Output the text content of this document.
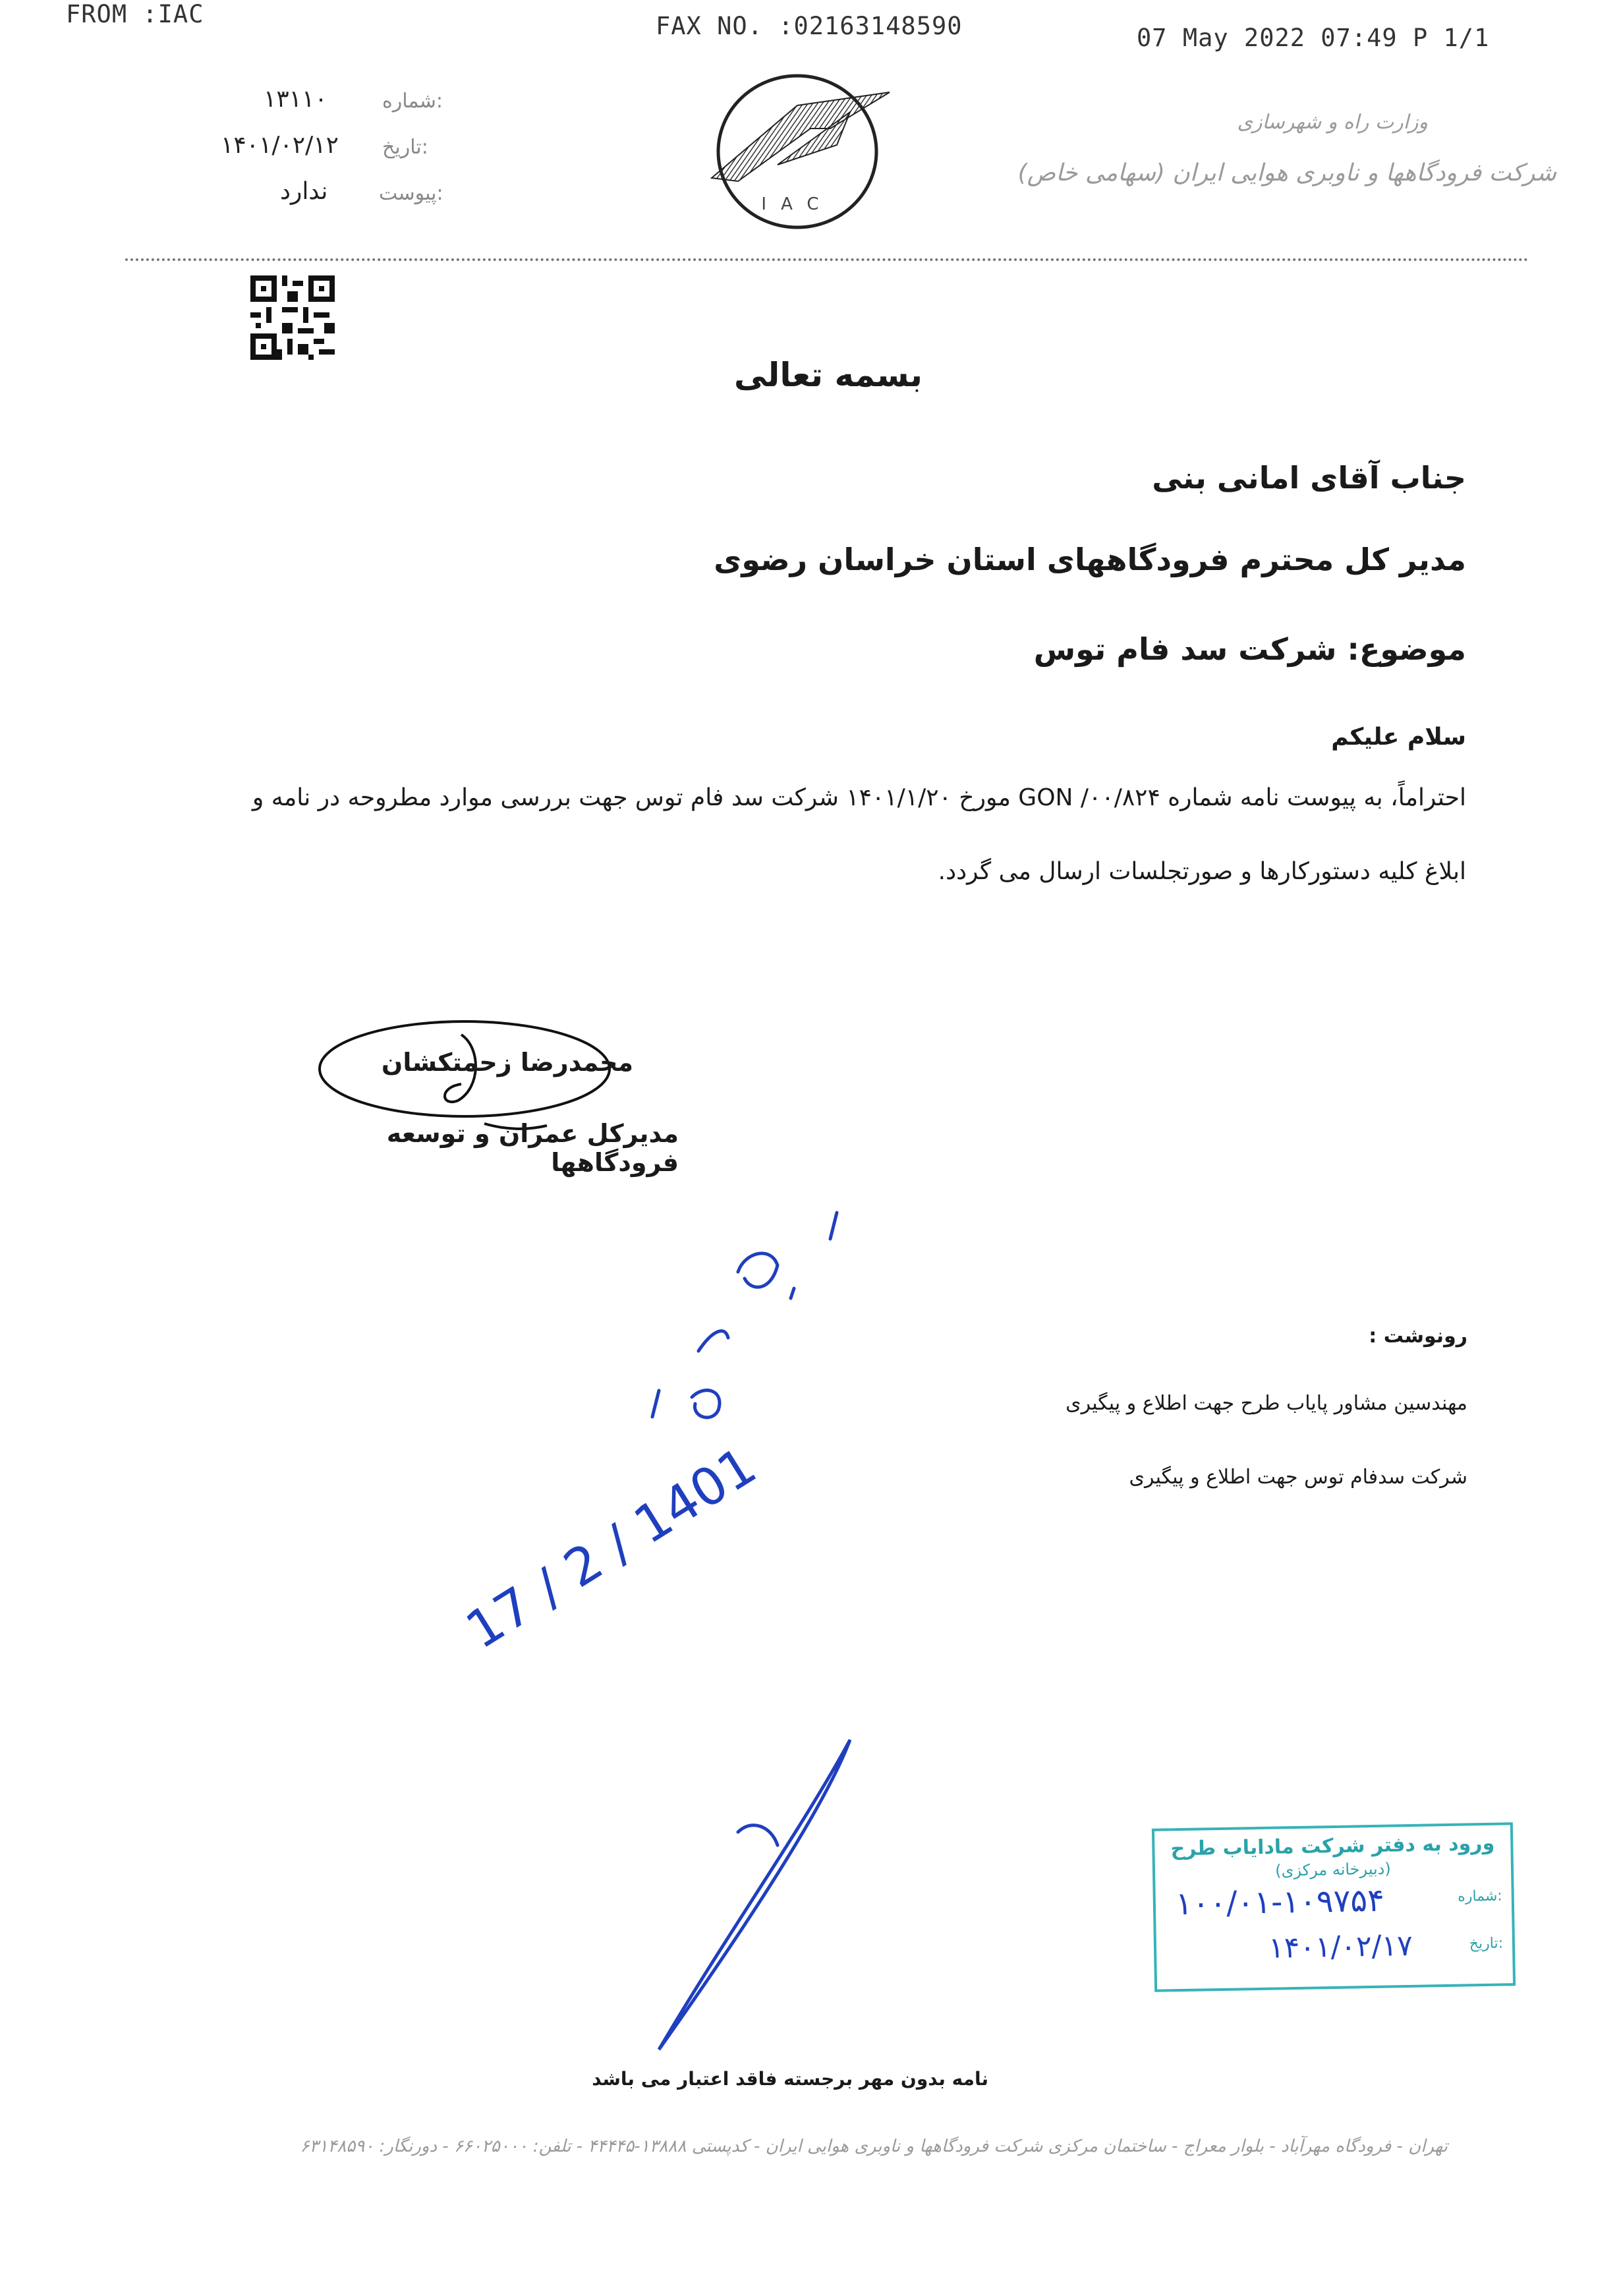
FROM :IAC	FAX NO. :02163148590	07 May 2022 07:49 P 1/1
۱۳۱۱۰	شماره:
۱۴۰۱/۰۲/۱۲ تاریخ:
ندارد	پیوست:	IAC
وزارت راه و شهرسازی
شرکت فرودگاهها و ناوبری هوایی ایران (سهامی خاص)
بسمه تعالی
جناب آقای امانی بنی
مدیر کل محترم فرودگاههای استان خراسان رضوی
موضوع: شرکت سد فام توس
سلام علیکم
احتراماً، به پیوست نامه شماره GON /۰۰/۸۲۴ مورخ ۱۴۰۱/۱/۲۰ شرکت سد فام توس جهت بررسی موارد مطروحه در نامه و
ابلاغ کلیه دستورکارها و صورتجلسات ارسال می گردد.
محمدرضا زحمتکشان
مدیرکل عمران و توسعه فرودگاهها
رونوشت :
مهندسین مشاور پایاب طرح جهت اطلاع و پیگیری
شرکت سدفام توس جهت اطلاع و پیگیری
17 / 2 / 1401
ورود به دفتر شرکت مادایاب طرح
(دبیرخانه مرکزی)
شماره:
۱۰۰/۰۱-۱۰۹۷۵۴
تاریخ:
۱۴۰۱/۰۲/۱۷
نامه بدون مهر برجسته فاقد اعتبار می باشد
تهران - فرودگاه مهرآباد - بلوار معراج - ساختمان مرکزی شرکت فرودگاهها و ناوبری هوایی ایران - کدپستی ۱۳۸۸۸-۴۴۴۴۵ - تلفن: ۶۶۰۲۵۰۰۰ - دورنگار: ۶۳۱۴۸۵۹۰
